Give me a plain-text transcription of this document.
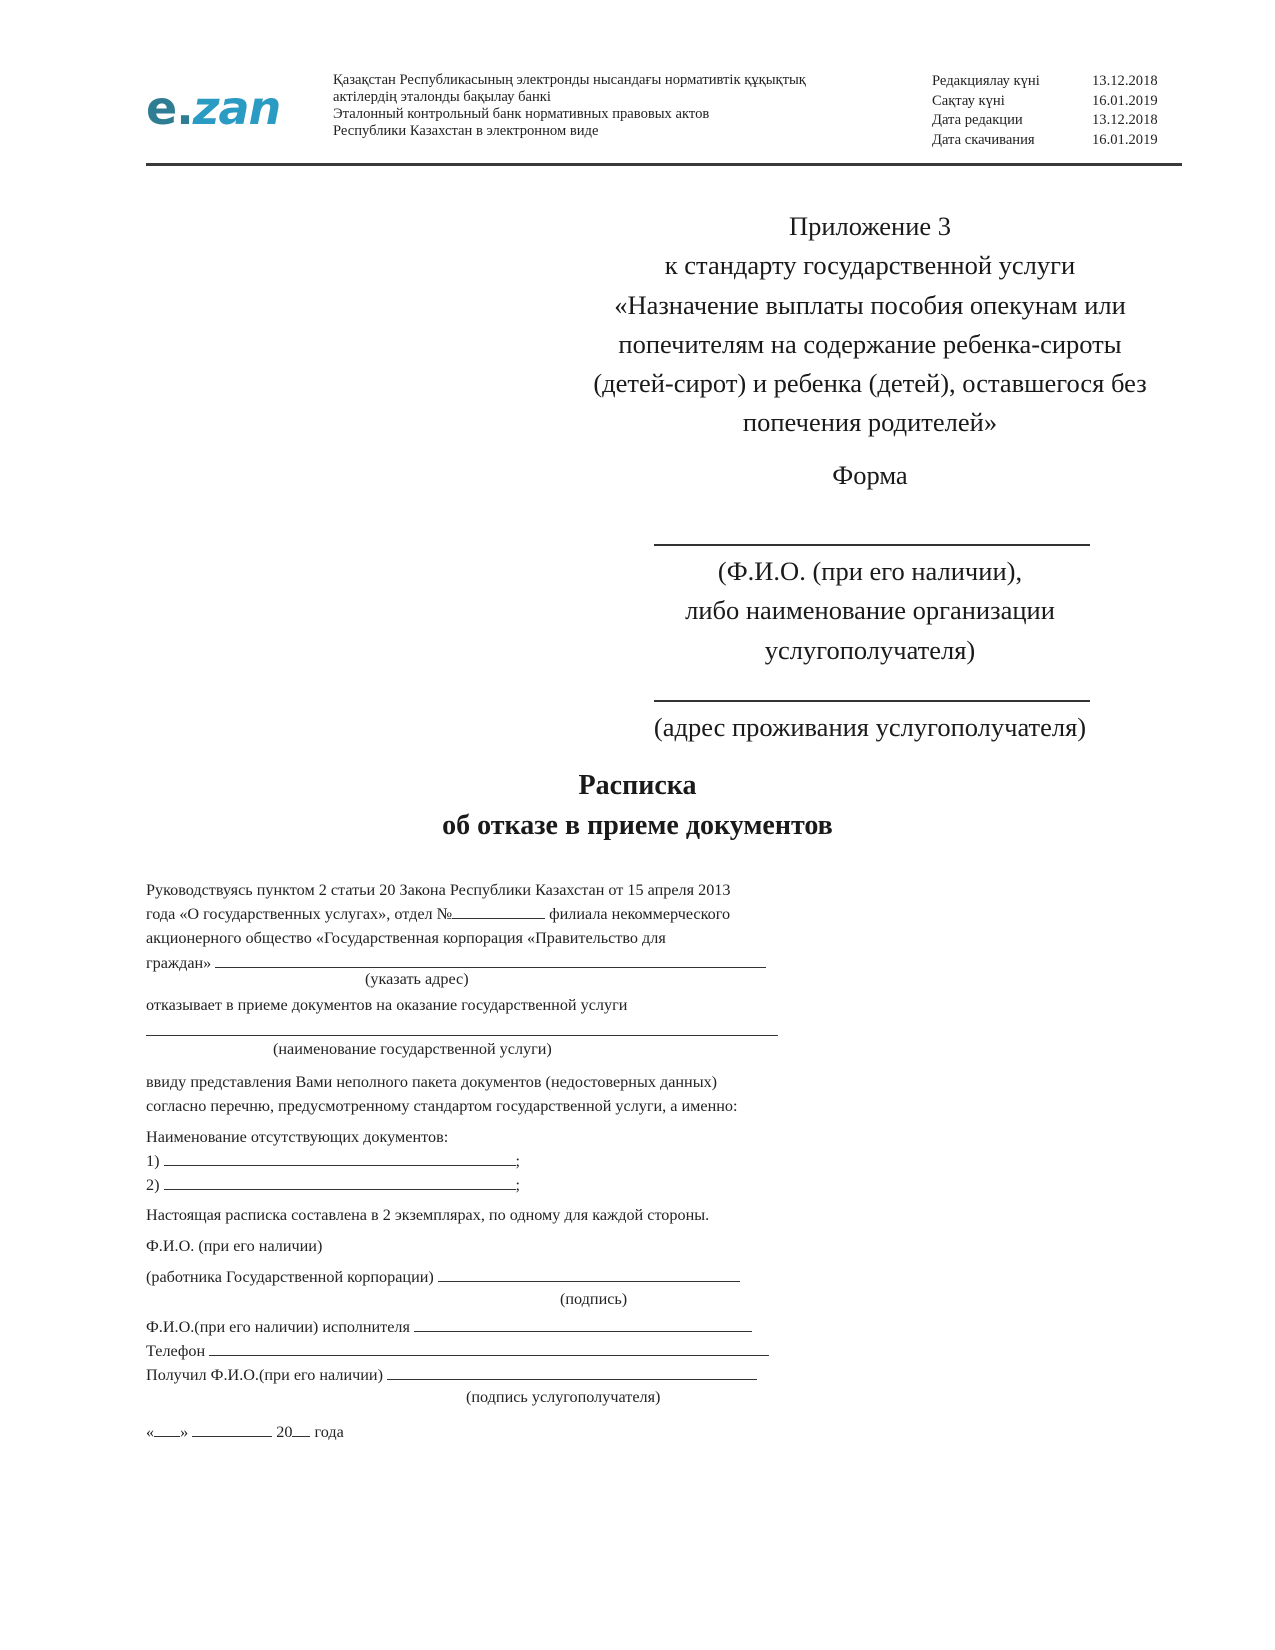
e.zan
Қазақстан Республикасының электронды нысандағы нормативтік құқықтық
актілердің эталонды бақылау банкі
Эталонный контрольный банк нормативных правовых актов
Республики Казахстан в электронном виде
Редакциялау күні	13.12.2018
Сақтау күні	16.01.2019
Дата редакции	13.12.2018
Дата скачивания	16.01.2019
Приложение 3
к стандарту государственной услуги
«Назначение выплаты пособия опекунам или
попечителям на содержание ребенка-сироты
(детей-сирот) и ребенка (детей), оставшегося без
попечения родителей»
Форма
(Ф.И.О. (при его наличии),
либо наименование организации
услугополучателя)
(адрес проживания услугополучателя)
Расписка
об отказе в приеме документов
Руководствуясь пунктом 2 статьи 20 Закона Республики Казахстан от 15 апреля 2013
года «О государственных услугах», отдел №	филиала некоммерческого
акционерного общество «Государственная корпорация «Правительство для
граждан»
(указать адрес)
отказывает в приеме документов на оказание государственной услуги
(наименование государственной услуги)
ввиду представления Вами неполного пакета документов (недостоверных данных)
согласно перечню, предусмотренному стандартом государственной услуги, а именно:
Наименование отсутствующих документов:
1)	;
2)	;
Настоящая расписка составлена в 2 экземплярах, по одному для каждой стороны.
Ф.И.О. (при его наличии)
(работника Государственной корпорации)
(подпись)
Ф.И.О.(при его наличии) исполнителя
Телефон
Получил Ф.И.О.(при его наличии)
(подпись услугополучателя)
« »	20 года
